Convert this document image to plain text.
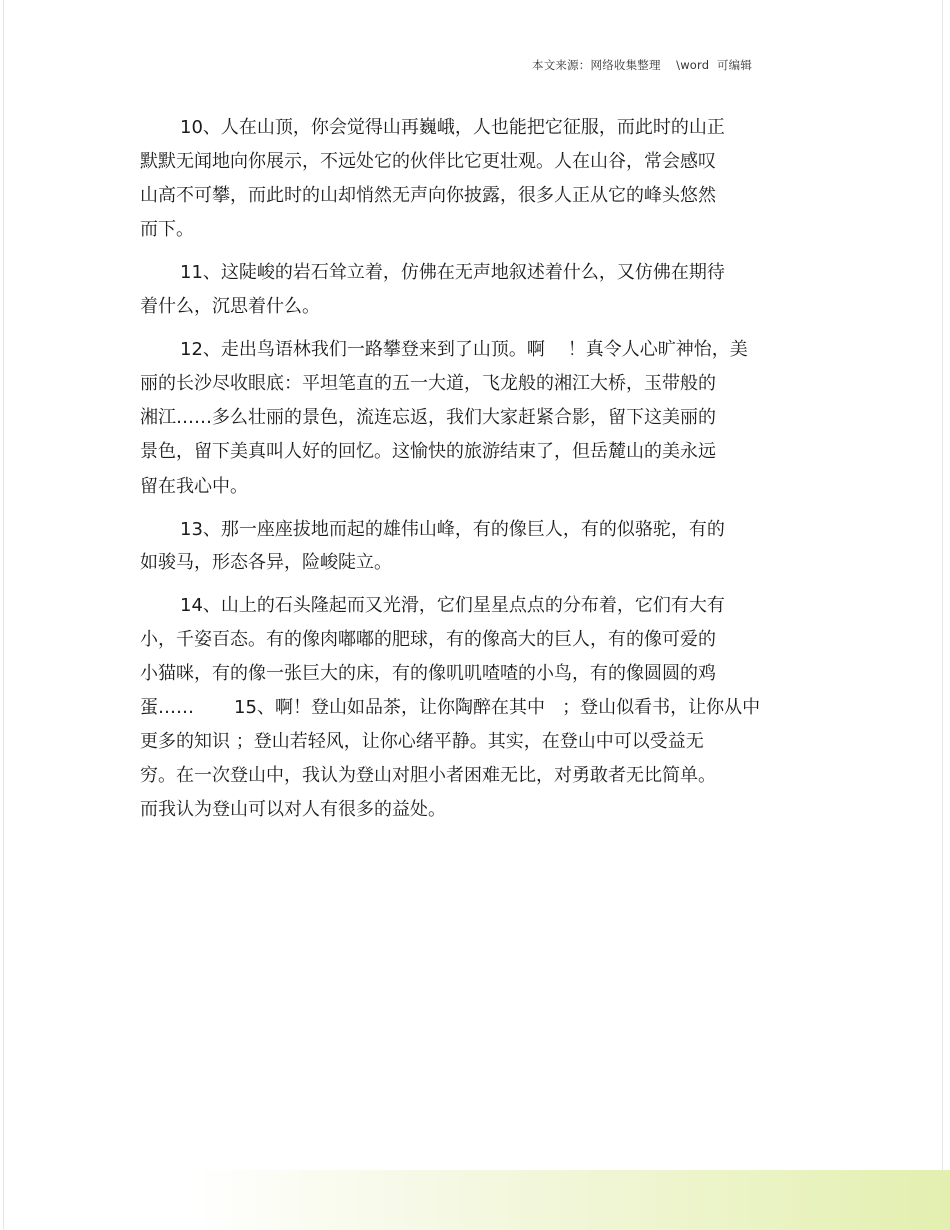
本文来源：网络收集整理    \word  可编辑
10、人在山顶，你会觉得山再巍峨，人也能把它征服，而此时的山正
默默无闻地向你展示，不远处它的伙伴比它更壮观。人在山谷，常会感叹
山高不可攀，而此时的山却悄然无声向你披露，很多人正从它的峰头悠然
而下。
11、这陡峻的岩石耸立着，仿佛在无声地叙述着什么，又仿佛在期待
着什么，沉思着什么。
12、走出鸟语林我们一路攀登来到了山顶。啊    ！真令人心旷神怡，美
丽的长沙尽收眼底：平坦笔直的五一大道，飞龙般的湘江大桥，玉带般的
湘江……多么壮丽的景色，流连忘返，我们大家赶紧合影，留下这美丽的
景色，留下美真叫人好的回忆。这愉快的旅游结束了，但岳麓山的美永远
留在我心中。
13、那一座座拔地而起的雄伟山峰，有的像巨人，有的似骆驼，有的
如骏马，形态各异，险峻陡立。
14、山上的石头隆起而又光滑，它们星星点点的分布着，它们有大有
小，千姿百态。有的像肉嘟嘟的肥球，有的像高大的巨人，有的像可爱的
小猫咪，有的像一张巨大的床，有的像叽叽喳喳的小鸟，有的像圆圆的鸡
蛋……       15、啊！登山如品茶，让你陶醉在其中   ；登山似看书，让你从中
更多的知识 ；登山若轻风，让你心绪平静。其实，在登山中可以受益无
穷。在一次登山中，我认为登山对胆小者困难无比，对勇敢者无比简单。
而我认为登山可以对人有很多的益处。
